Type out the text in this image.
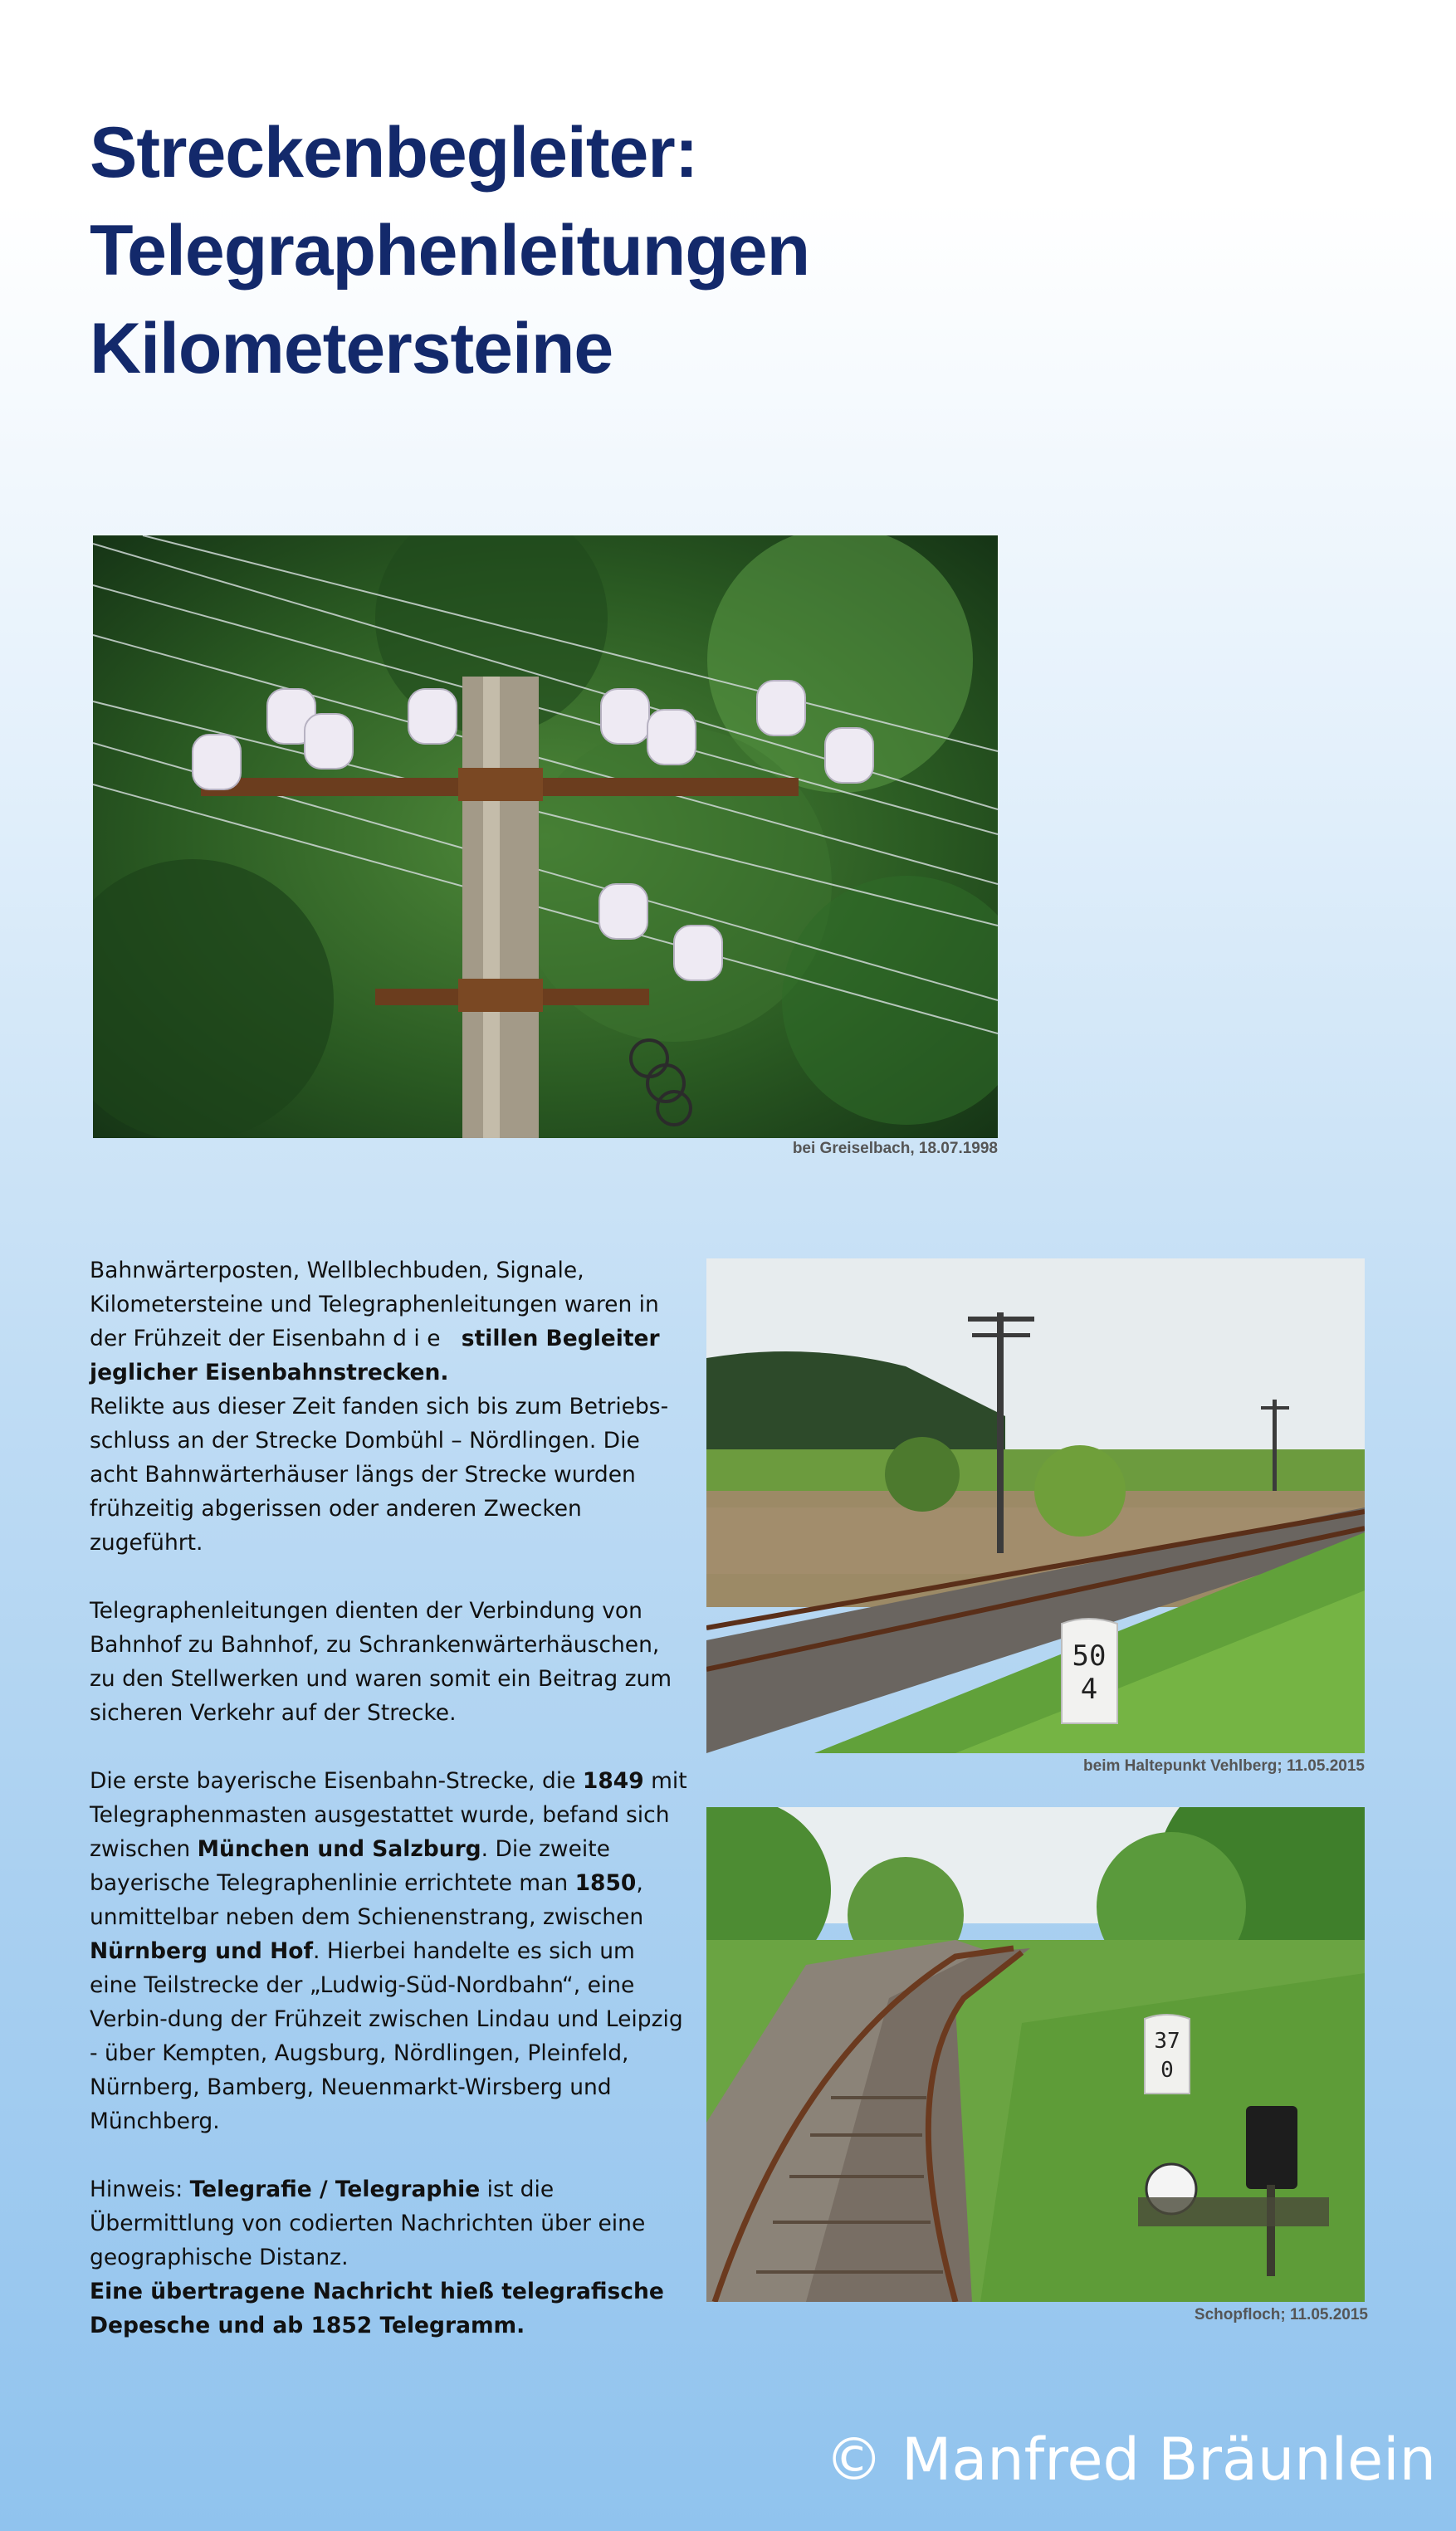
Streckenbegleiter:
Telegraphenleitungen
Kilometersteine
bei Greiselbach, 18.07.1998
50
4
beim Haltepunkt Vehlberg; 11.05.2015
37
0
Schopfloch; 11.05.2015

Bahnwärterposten, Wellblechbuden, Signale, Kilometersteine und Telegraphenleitungen waren in der Frühzeit der Eisenbahn d i e stillen Begleiter jeglicher Eisenbahnstrecken.
Relikte aus dieser Zeit fanden sich bis zum Betriebs-schluss an der Strecke Dombühl – Nördlingen. Die acht Bahnwärterhäuser längs der Strecke wurden frühzeitig abgerissen oder anderen Zwecken zugeführt.

Telegraphenleitungen dienten der Verbindung von Bahnhof zu Bahnhof, zu Schrankenwärterhäuschen, zu den Stellwerken und waren somit ein Beitrag zum sicheren Verkehr auf der Strecke.

Die erste bayerische Eisenbahn-Strecke, die 1849 mit Telegraphenmasten ausgestattet wurde, befand sich zwischen München und Salzburg. Die zweite bayerische Telegraphenlinie errichtete man 1850, unmittelbar neben dem Schienenstrang, zwischen Nürnberg und Hof. Hierbei handelte es sich um eine Teilstrecke der „Ludwig-Süd-Nordbahn“, eine Verbin-dung der Frühzeit zwischen Lindau und Leipzig - über Kempten, Augsburg, Nördlingen, Pleinfeld, Nürnberg, Bamberg, Neuenmarkt-Wirsberg und Münchberg.

Hinweis: Telegrafie / Telegraphie ist die Übermittlung von codierten Nachrichten über eine geographische Distanz.
Eine übertragene Nachricht hieß telegrafische Depesche und ab 1852 Telegramm.

© Manfred Bräunlein
